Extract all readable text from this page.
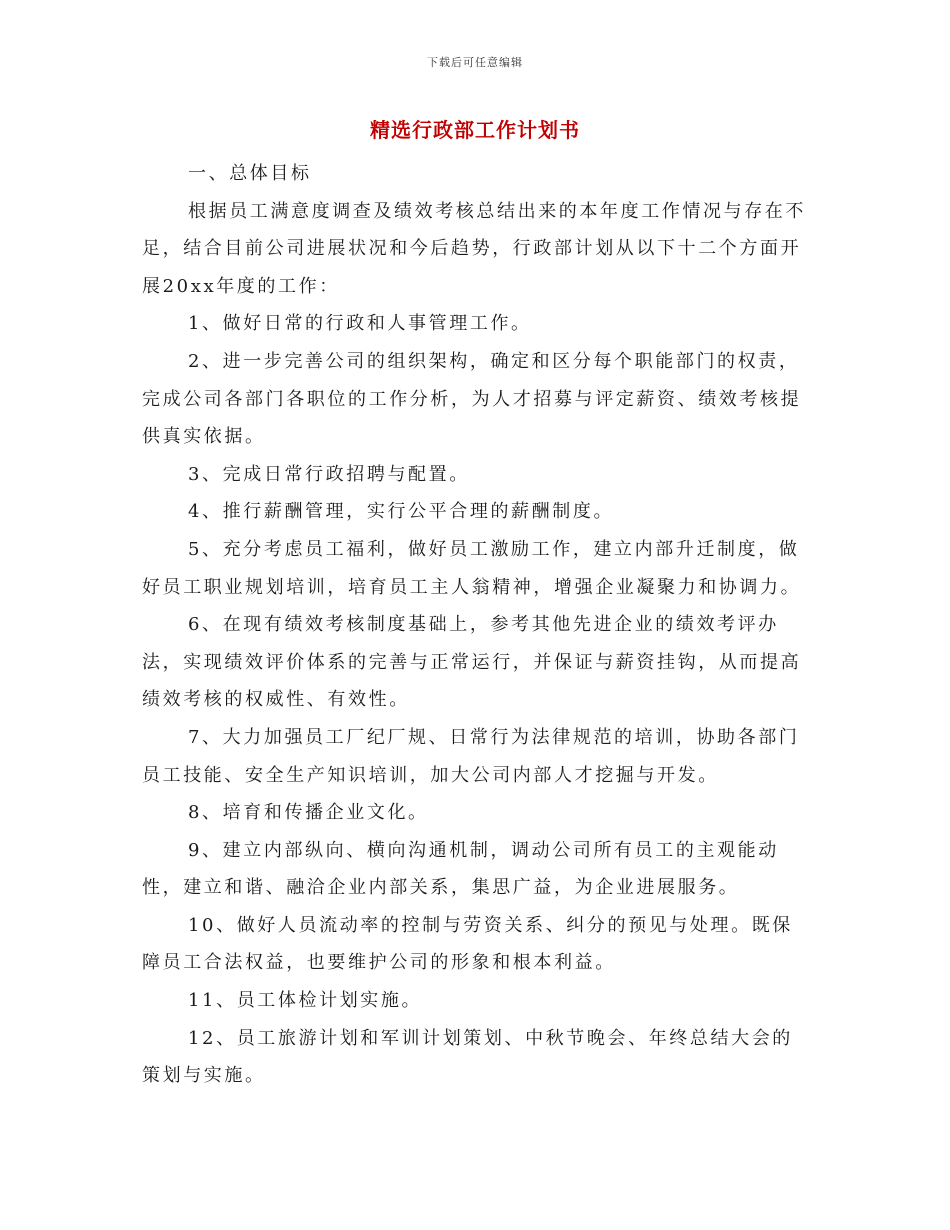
下载后可任意编辑
精选行政部工作计划书

一、总体目标

根据员工满意度调查及绩效考核总结出来的本年度工作情况与存在不足，结合目前公司进展状况和今后趋势，行政部计划从以下十二个方面开展20xx年度的工作：

1、做好日常的行政和人事管理工作。

2、进一步完善公司的组织架构，确定和区分每个职能部门的权责，完成公司各部门各职位的工作分析，为人才招募与评定薪资、绩效考核提供真实依据。

3、完成日常行政招聘与配置。

4、推行薪酬管理，实行公平合理的薪酬制度。

5、充分考虑员工福利，做好员工激励工作，建立内部升迁制度，做好员工职业规划培训，培育员工主人翁精神，增强企业凝聚力和协调力。

6、在现有绩效考核制度基础上，参考其他先进企业的绩效考评办法，实现绩效评价体系的完善与正常运行，并保证与薪资挂钩，从而提高绩效考核的权威性、有效性。

7、大力加强员工厂纪厂规、日常行为法律规范的培训，协助各部门员工技能、安全生产知识培训，加大公司内部人才挖掘与开发。

8、培育和传播企业文化。

9、建立内部纵向、横向沟通机制，调动公司所有员工的主观能动性，建立和谐、融洽企业内部关系，集思广益，为企业进展服务。

10、做好人员流动率的控制与劳资关系、纠分的预见与处理。既保障员工合法权益，也要维护公司的形象和根本利益。

11、员工体检计划实施。

12、员工旅游计划和军训计划策划、中秋节晚会、年终总结大会的策划与实施。
